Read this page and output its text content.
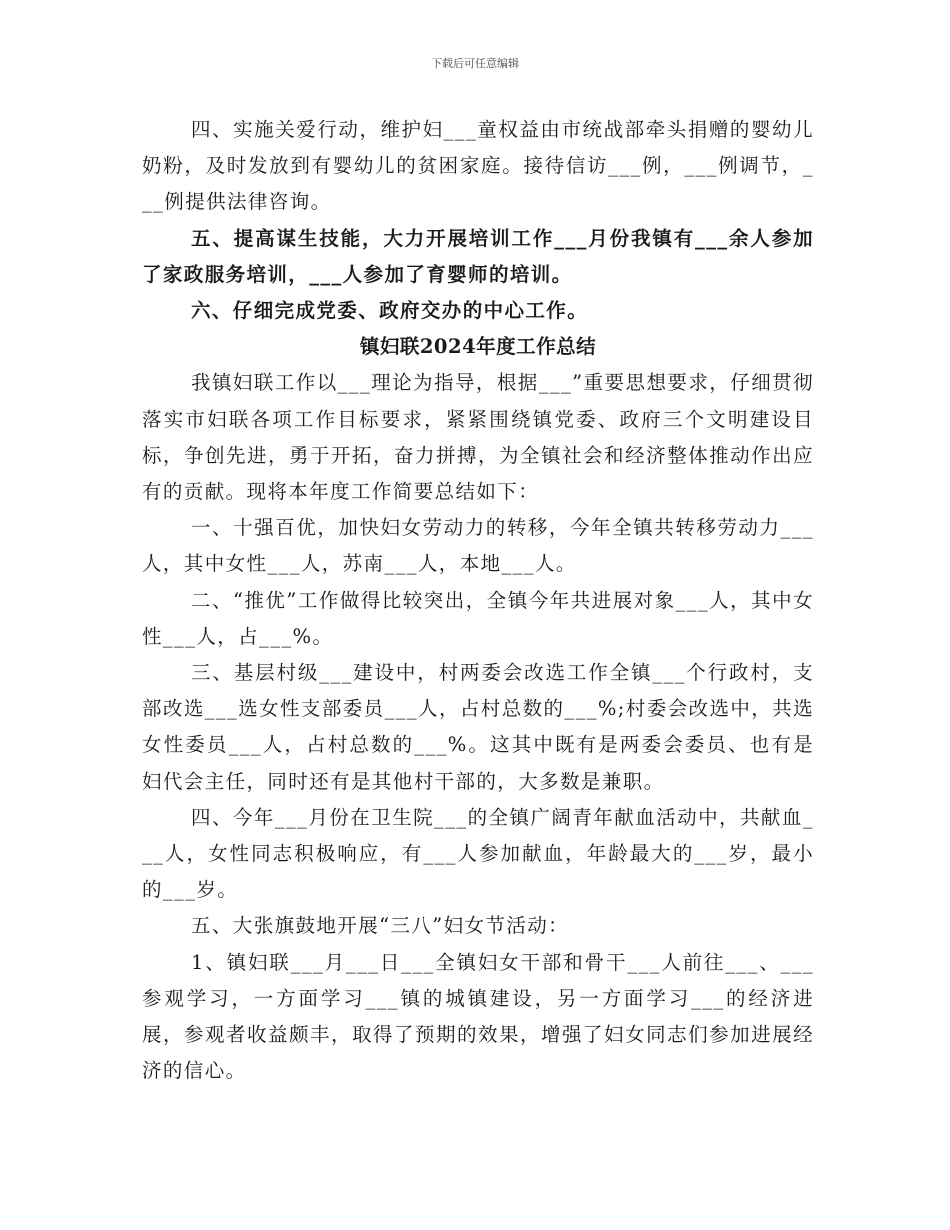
下载后可任意编辑

四、实施关爱行动，维护妇___童权益由市统战部牵头捐赠的婴幼儿奶粉，及时发放到有婴幼儿的贫困家庭。接待信访___例，___例调节，___例提供法律咨询。

五、提高谋生技能，大力开展培训工作___月份我镇有___余人参加了家政服务培训，___人参加了育婴师的培训。

六、仔细完成党委、政府交办的中心工作。

镇妇联2024年度工作总结

我镇妇联工作以___理论为指导，根据___”重要思想要求，仔细贯彻落实市妇联各项工作目标要求，紧紧围绕镇党委、政府三个文明建设目标，争创先进，勇于开拓，奋力拼搏，为全镇社会和经济整体推动作出应有的贡献。现将本年度工作简要总结如下：

一、十强百优，加快妇女劳动力的转移，今年全镇共转移劳动力___人，其中女性___人，苏南___人，本地___人。

二、“推优”工作做得比较突出，全镇今年共进展对象___人，其中女性___人，占___%。

三、基层村级___建设中，村两委会改选工作全镇___个行政村，支部改选___选女性支部委员___人，占村总数的___%;村委会改选中，共选女性委员___人，占村总数的___%。这其中既有是两委会委员、也有是妇代会主任，同时还有是其他村干部的，大多数是兼职。

四、今年___月份在卫生院___的全镇广阔青年献血活动中，共献血___人，女性同志积极响应，有___人参加献血，年龄最大的___岁，最小的___岁。

五、大张旗鼓地开展“三八”妇女节活动：

1、镇妇联___月___日___全镇妇女干部和骨干___人前往___、___参观学习，一方面学习___镇的城镇建设，另一方面学习___的经济进展，参观者收益颇丰，取得了预期的效果，增强了妇女同志们参加进展经济的信心。
